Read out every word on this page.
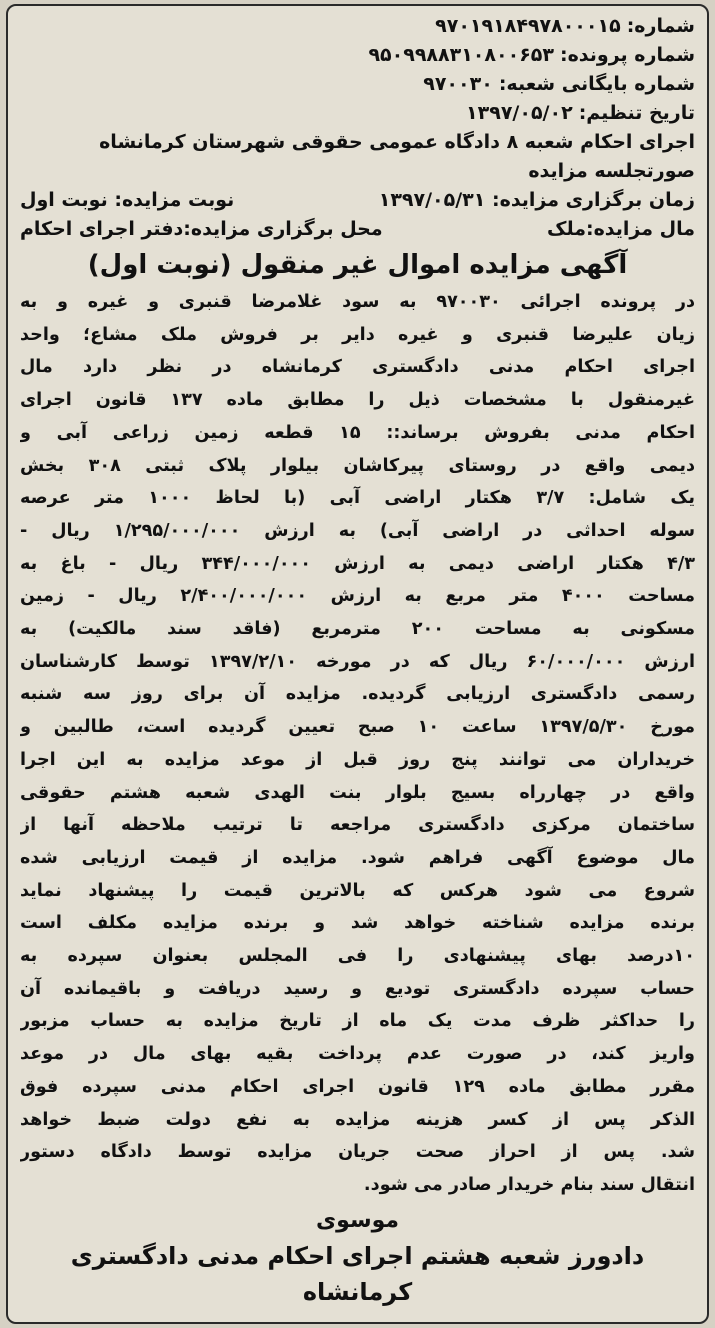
شماره:۹۷۰۱۹۱۸۴۹۷۸۰۰۰۱۵
شماره پرونده:۹۵۰۹۹۸۸۳۱۰۸۰۰۶۵۳
شماره بایگانی شعبه:۹۷۰۰۳۰
تاریخ تنظیم:۱۳۹۷/۰۵/۰۲
اجرای احکام شعبه ۸ دادگاه عمومی حقوقی شهرستان کرمانشاه
صورتجلسه مزایده
زمان برگزاری مزایده: ۱۳۹۷/۰۵/۳۱
نوبت مزایده: نوبت اول
مال مزایده:ملک
محل برگزاری مزایده:دفتر اجرای احکام
آگهی مزایده اموال غیر منقول (نوبت اول)
در پرونده اجرائی ۹۷۰۰۳۰ به سود غلامرضا قنبری و غیره و به
زیان علیرضا قنبری و غیره دایر بر فروش ملک مشاع؛ واحد
اجرای احکام مدنی دادگستری کرمانشاه در نظر دارد مال
غیرمنقول با مشخصات ذیل را مطابق ماده ۱۳۷ قانون اجرای
احکام مدنی بفروش برساند:: ۱۵ قطعه زمین زراعی آبی و
دیمی واقع در روستای پیرکاشان بیلوار پلاک ثبتی ۳۰۸ بخش
یک شامل: ۳/۷ هکتار اراضی آبی (با لحاظ ۱۰۰۰ متر عرصه
سوله احداثی در اراضی آبی) به ارزش ۱/۲۹۵/۰۰۰/۰۰۰ ریال -
۴/۳ هکتار اراضی دیمی به ارزش ۳۴۴/۰۰۰/۰۰۰ ریال - باغ به
مساحت ۴۰۰۰ متر مربع به ارزش ۲/۴۰۰/۰۰۰/۰۰۰ ریال - زمین
مسکونی به مساحت ۲۰۰ مترمربع (فاقد سند مالکیت) به
ارزش ۶۰/۰۰۰/۰۰۰ ریال که در مورخه ۱۳۹۷/۲/۱۰ توسط کارشناسان
رسمی دادگستری ارزیابی گردیده. مزایده آن برای روز سه شنبه
مورخ ۱۳۹۷/۵/۳۰ ساعت ۱۰ صبح تعیین گردیده است، طالبین و
خریداران می توانند پنج روز قبل از موعد مزایده به این اجرا
واقع در چهارراه بسیج بلوار بنت الهدی شعبه هشتم حقوقی
ساختمان مرکزی دادگستری مراجعه تا ترتیب ملاحظه آنها از
مال موضوع آگهی فراهم شود. مزایده از قیمت ارزیابی شده
شروع می شود هرکس که بالاترین قیمت را پیشنهاد نماید
برنده مزایده شناخته خواهد شد و برنده مزایده مکلف است
۱۰درصد بهای پیشنهادی را فی المجلس بعنوان سپرده به
حساب سپرده دادگستری تودیع و رسید دریافت و باقیمانده آن
را حداکثر ظرف مدت یک ماه از تاریخ مزایده به حساب مزبور
واریز کند، در صورت عدم پرداخت بقیه بهای مال در موعد
مقرر مطابق ماده ۱۲۹ قانون اجرای احکام مدنی سپرده فوق
الذکر پس از کسر هزینه مزایده به نفع دولت ضبط خواهد
شد. پس از احراز صحت جریان مزایده توسط دادگاه دستور
انتقال سند بنام خریدار صادر می شود.
موسوی
دادورز شعبه هشتم اجرای احکام مدنی دادگستری کرمانشاه
